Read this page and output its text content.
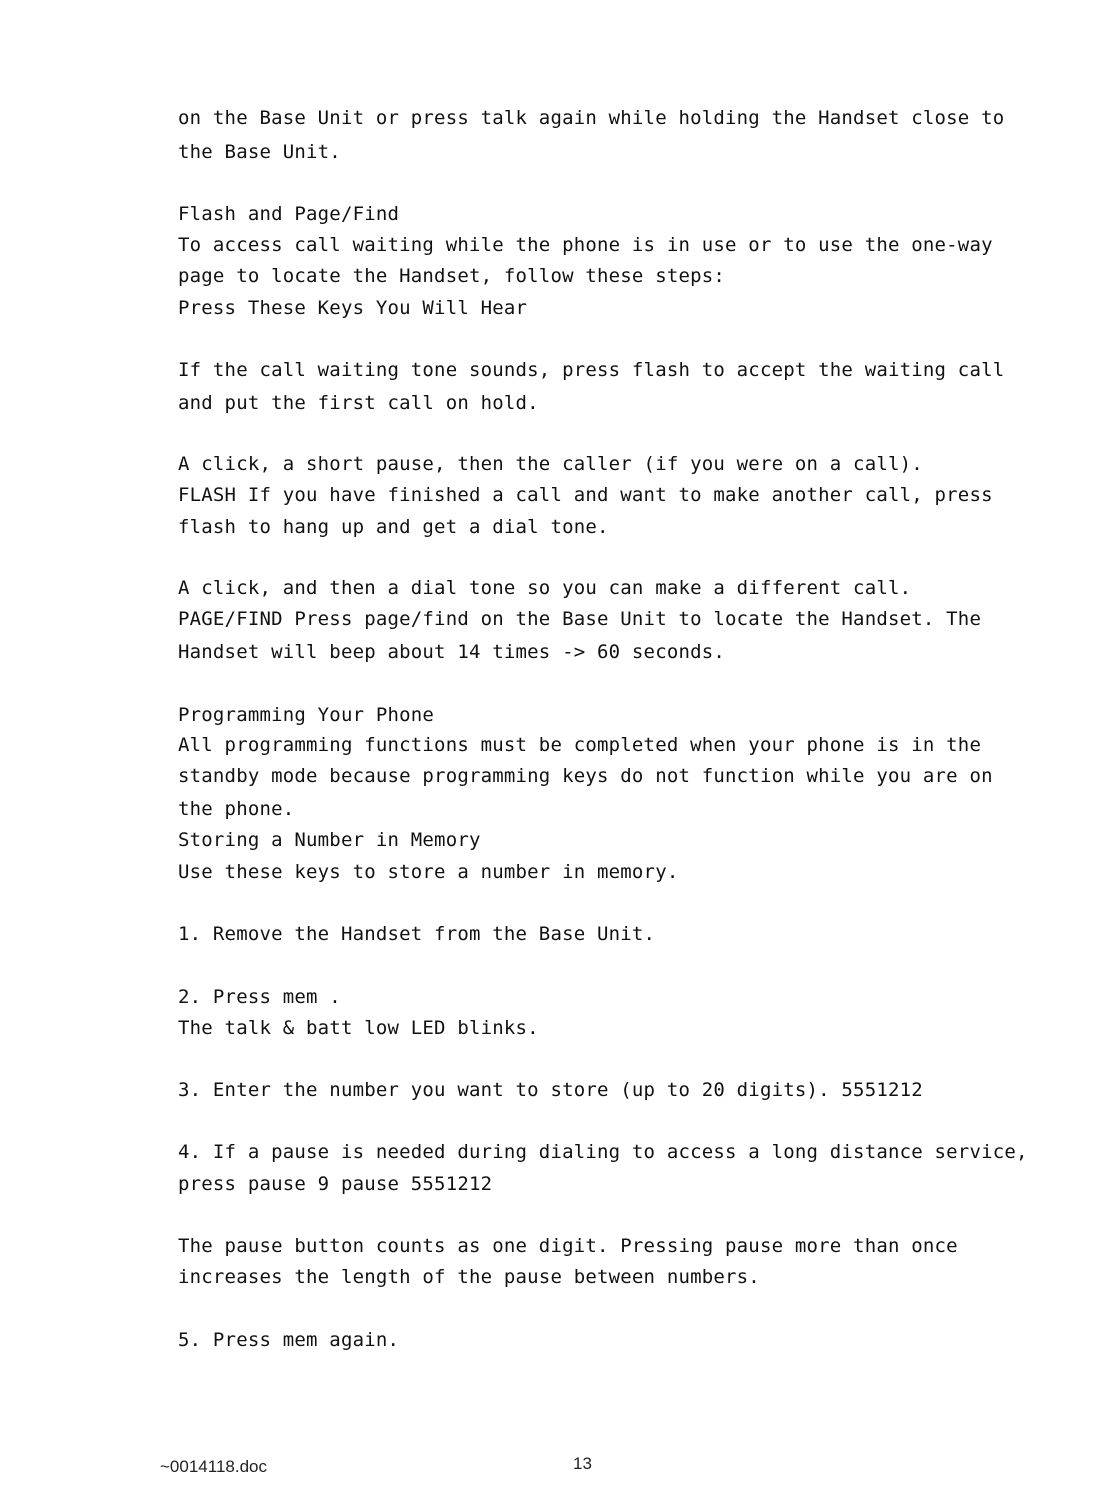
on the Base Unit or press talk again while holding the Handset close to
the Base Unit.
Flash and Page/Find
To access call waiting while the phone is in use or to use the one-way
page to locate the Handset, follow these steps:
Press These Keys You Will Hear
If the call waiting tone sounds, press flash to accept the waiting call
and put the first call on hold.
A click, a short pause, then the caller (if you were on a call).
FLASH If you have finished a call and want to make another call, press
flash to hang up and get a dial tone.
A click, and then a dial tone so you can make a different call.
PAGE/FIND Press page/find on the Base Unit to locate the Handset. The
Handset will beep about 14 times -> 60 seconds.
Programming Your Phone
All programming functions must be completed when your phone is in the
standby mode because programming keys do not function while you are on
the phone.
Storing a Number in Memory
Use these keys to store a number in memory.
1. Remove the Handset from the Base Unit.
2. Press mem .
The talk & batt low LED blinks.
3. Enter the number you want to store (up to 20 digits). 5551212
4. If a pause is needed during dialing to access a long distance service,
press pause 9 pause 5551212
The pause button counts as one digit. Pressing pause more than once
increases the length of the pause between numbers.
5. Press mem again.
~0014118.doc	13
